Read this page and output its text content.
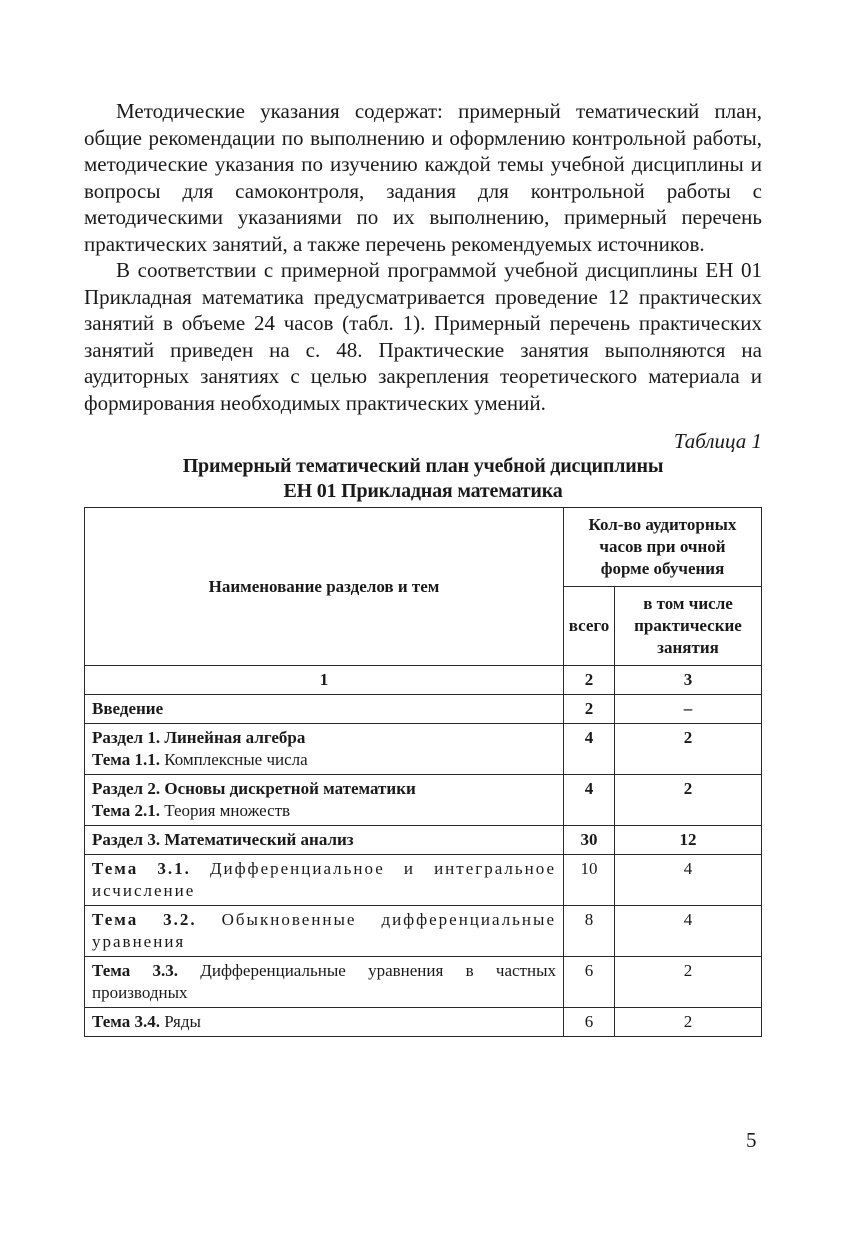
Методические указания содержат: примерный тематический план, общие рекомендации по выполнению и оформлению контрольной работы, методические указания по изучению каждой темы учебной дисциплины и вопросы для самоконтроля, задания для контрольной работы с методическими указаниями по их выполнению, примерный перечень практических занятий, а также перечень рекомендуемых источников.

В соответствии с примерной программой учебной дисциплины ЕН 01 Прикладная математика предусматривается проведение 12 практических занятий в объеме 24 часов (табл. 1). Примерный перечень практических занятий приведен на с. 48. Практические занятия выполняются на аудиторных занятиях с целью закрепления теоретического материала и формирования необходимых практических умений.

Таблица 1
Примерный тематический план учебной дисциплины
ЕН 01 Прикладная математика
Наименование разделов и тем	Кол-во аудиторных часов при очной форме обучения	
	всего	в том числе практические занятия
1	2	3

Введение	2	–

Раздел 1. Линейная алгебра
Тема 1.1. Комплексные числа	4	2

Раздел 2. Основы дискретной математики
Тема 2.1. Теория множеств	4	2

Раздел 3. Математический анализ	30	12

Тема 3.1. Дифференциальное и интегральное исчисление	10	4

Тема 3.2. Обыкновенные дифференциальные уравнения	8	4

Тема 3.3. Дифференциальные уравнения в частных производных	6	2

Тема 3.4. Ряды	6	2
5
